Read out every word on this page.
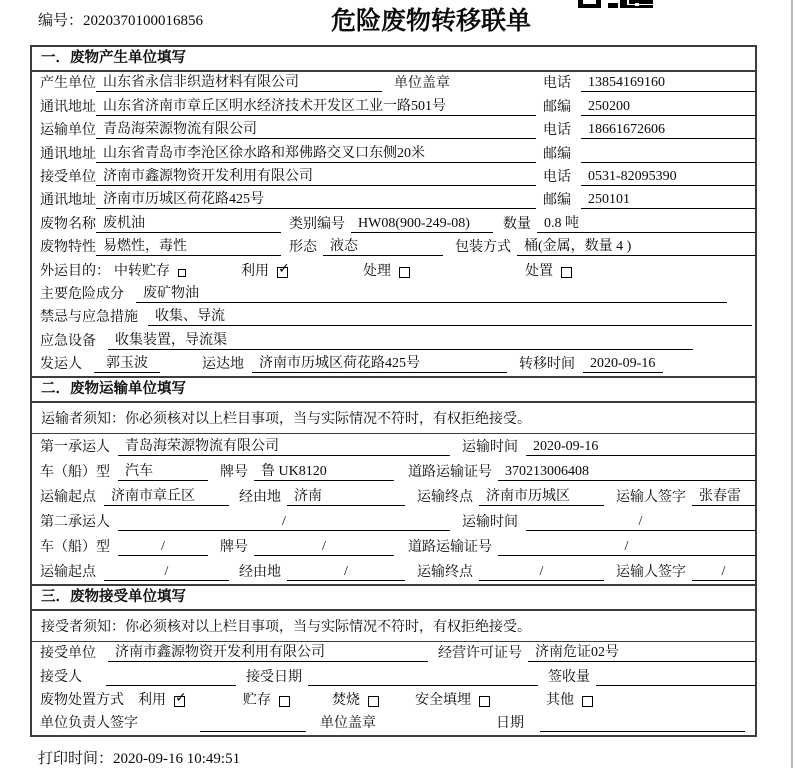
编号：2020370100016856	危险废物转移联单
一．废物产生单位填写
产生单位 山东省永信非织造材料有限公司	单位盖章	电话	13854169160
通讯地址 山东省济南市章丘区明水经济技术开发区工业一路501号	邮编	250200
运输单位 青岛海荣源物流有限公司	电话	18661672606
通讯地址 山东省青岛市李沧区徐水路和郑佛路交叉口东侧20米	邮编
接受单位 济南市鑫源物资开发利用有限公司	电话	0531-82095390
通讯地址 济南市历城区荷花路425号	邮编	250101
废物名称 废机油	类别编号 HW08(900-249-08)	数量 0.8 吨
废物特性 易燃性，毒性	形态 液态	包装方式 桶(金属，数量 4 )
外运目的： 中转贮存	利用 ✓	处理	处置
主要危险成分	废矿物油
禁忌与应急措施	收集、导流
应急设备	收集装置，导流渠
发运人	郭玉波	运达地	济南市历城区荷花路425号	转移时间	2020-09-16
二．废物运输单位填写
运输者须知：你必须核对以上栏目事项，当与实际情况不符时，有权拒绝接受。
第一承运人	青岛海荣源物流有限公司	运输时间	2020-09-16
车（船）型	汽车	牌号 鲁 UK8120	道路运输证号 370213006408
运输起点	济南市章丘区	经由地 济南	运输终点 济南市历城区	运输人签字 张春雷
第二承运人	/	运输时间	/
车（船）型	/	牌号	/	道路运输证号	/
运输起点	/	经由地	/	运输终点	/	运输人签字	/
三．废物接受单位填写
接受者须知：你必须核对以上栏目事项，当与实际情况不符时，有权拒绝接受。
接受单位	济南市鑫源物资开发利用有限公司	经营许可证号 济南危证02号
接受人	接受日期	签收量
废物处置方式 利用 ✓	贮存	焚烧	安全填埋	其他
单位负责人签字	单位盖章	日期
打印时间：2020-09-16 10:49:51
